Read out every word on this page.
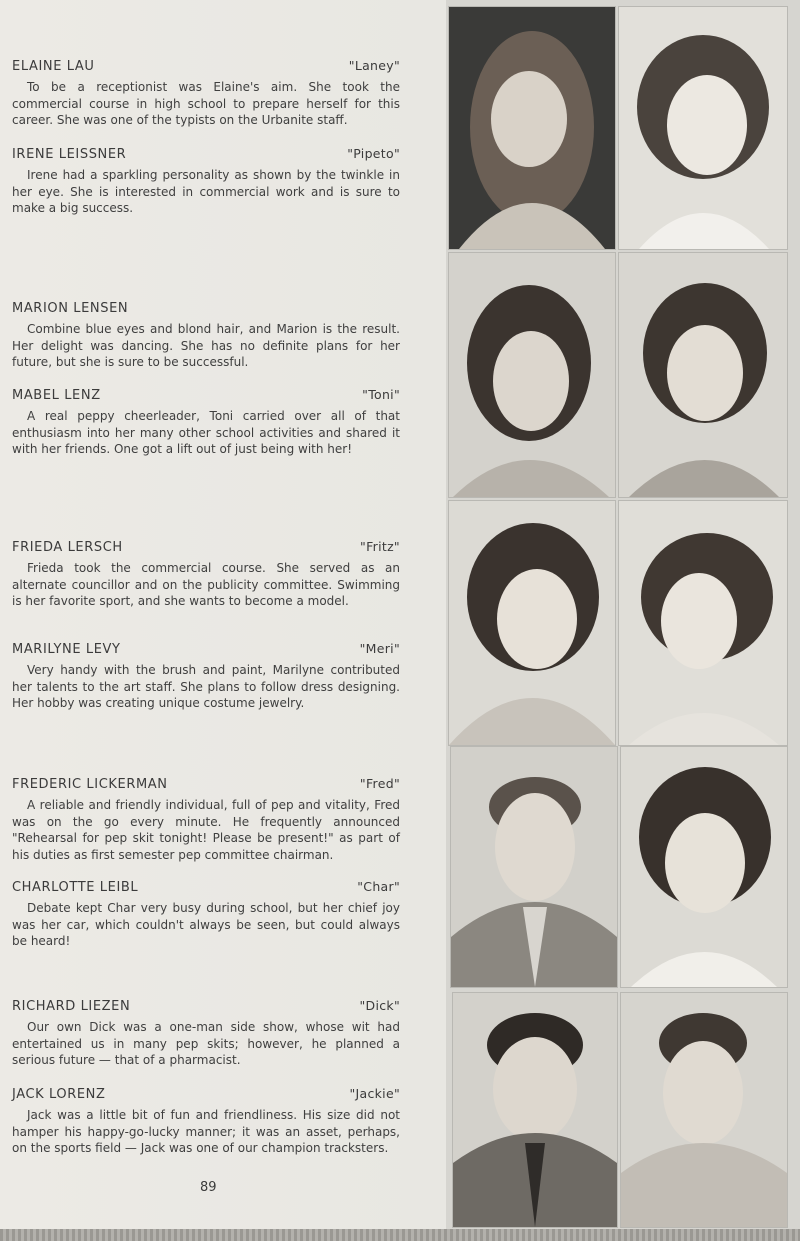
ELAINE LAU	"Laney"

To be a receptionist was Elaine's aim. She took the commercial course in high school to prepare herself for this career. She was one of the typists on the Urbanite staff.

IRENE LEISSNER	"Pipeto"

Irene had a sparkling personality as shown by the twinkle in her eye. She is interested in commercial work and is sure to make a big success.

MARION LENSEN

Combine blue eyes and blond hair, and Marion is the result. Her delight was dancing. She has no definite plans for her future, but she is sure to be successful.

MABEL LENZ	"Toni"

A real peppy cheerleader, Toni carried over all of that enthusiasm into her many other school activities and shared it with her friends. One got a lift out of just being with her!

FRIEDA LERSCH	"Fritz"

Frieda took the commercial course. She served as an alternate councillor and on the publicity committee. Swimming is her favorite sport, and she wants to become a model.

MARILYNE LEVY	"Meri"

Very handy with the brush and paint, Marilyne contributed her talents to the art staff. She plans to follow dress designing. Her hobby was creating unique costume jewelry.

FREDERIC LICKERMAN	"Fred"

A reliable and friendly individual, full of pep and vitality, Fred was on the go every minute. He frequently announced "Rehearsal for pep skit tonight! Please be present!" as part of his duties as first semester pep committee chairman.

CHARLOTTE LEIBL	"Char"

Debate kept Char very busy during school, but her chief joy was her car, which couldn't always be seen, but could always be heard!

RICHARD LIEZEN	"Dick"

Our own Dick was a one-man side show, whose wit had entertained us in many pep skits; however, he planned a serious future — that of a pharmacist.

JACK LORENZ	"Jackie"

Jack was a little bit of fun and friendliness. His size did not hamper his happy-go-lucky manner; it was an asset, perhaps, on the sports field — Jack was one of our champion tracksters.

89
